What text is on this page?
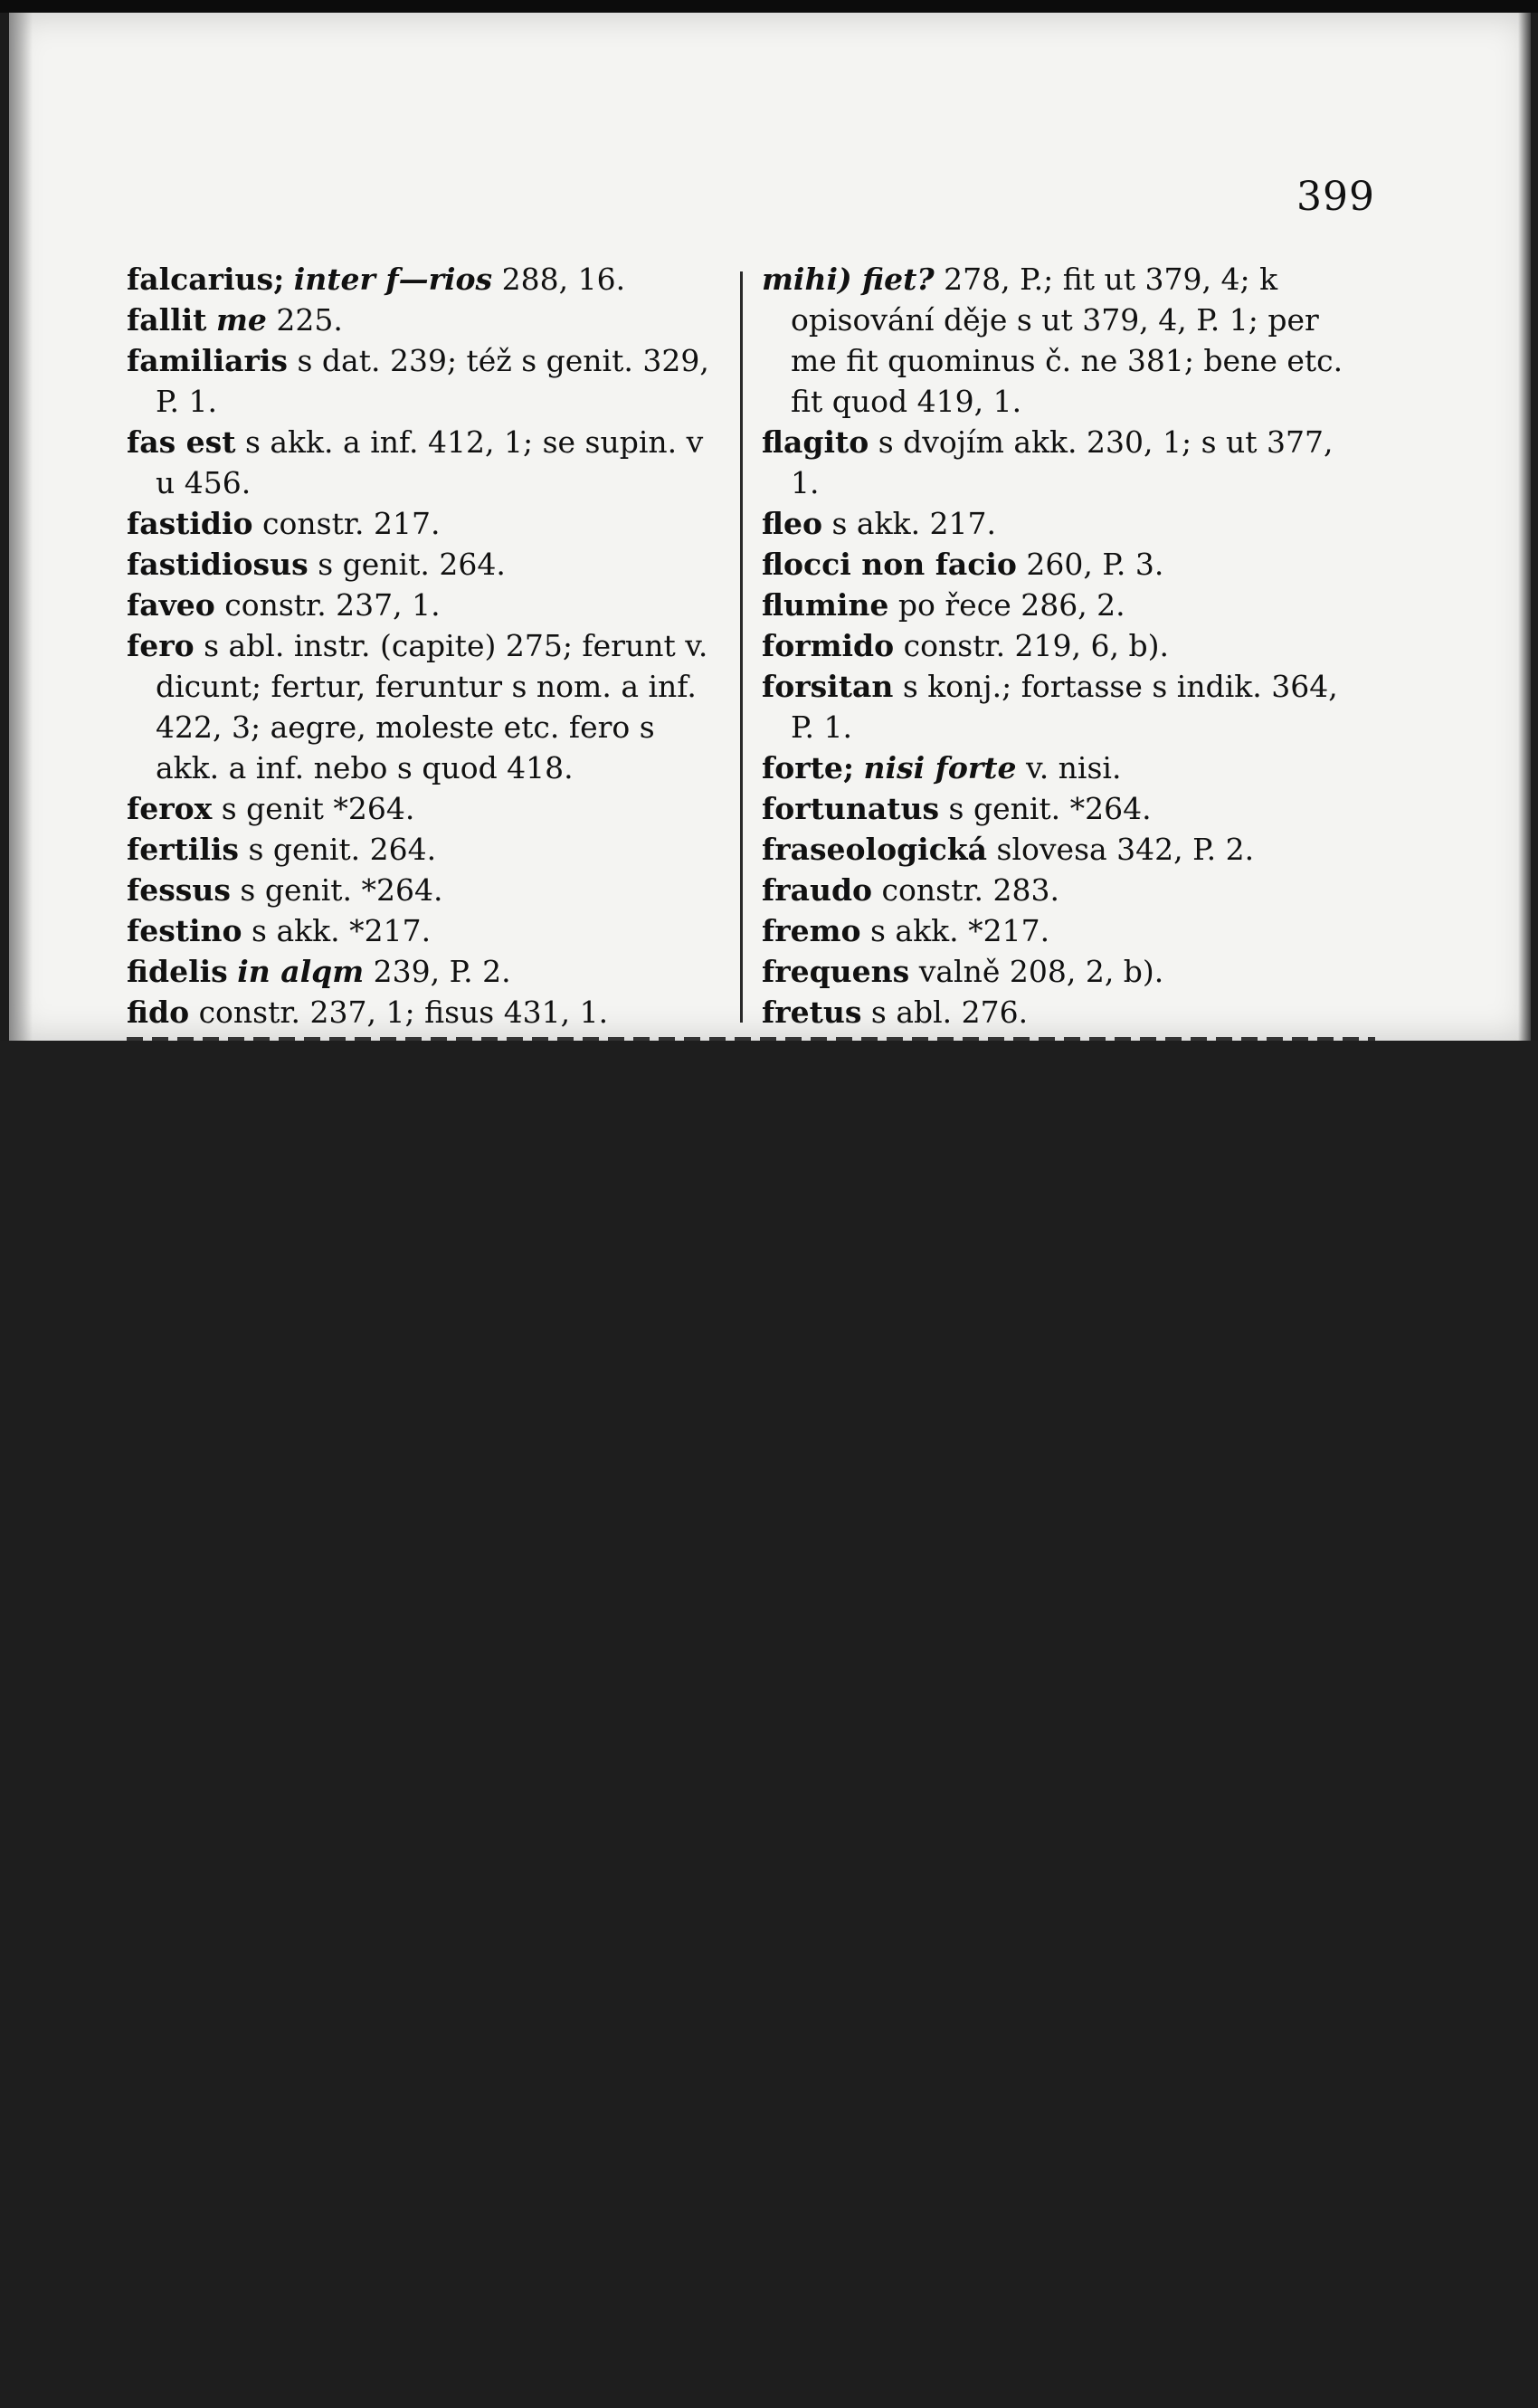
399

falcarius; inter f—rios 288, 16.

fallit me 225.

familiaris s dat. 239; též s genit. 329, P. 1.

fas est s akk. a inf. 412, 1; se supin. v u 456.

fastidio constr. 217.

fastidiosus s genit. 264.

faveo constr. 237, 1.

fero s abl. instr. (capite) 275; ferunt v. dicunt; fertur, feruntur s nom. a inf. 422, 3; aegre, moleste etc. fero s akk. a inf. nebo s quod 418.

ferox s genit *264.

fertilis s genit. 264.

fessus s genit. *264.

festino s akk. *217.

fidelis in alqm 239, P. 2.

fido constr. 237, 1; fisus 431, 1.

mihi) fiet? 278, P.; fit ut 379, 4; k opisování děje s ut 379, 4, P. 1; per me fit quominus č. ne 381; bene etc. fit quod 419, 1.

flagito s dvojím akk. 230, 1; s ut 377, 1.

fleo s akk. 217.

flocci non facio 260, P. 3.

flumine po řece 286, 2.

formido constr. 219, 6, b).

forsitan s konj.; fortasse s indik. 364, P. 1.

forte; nisi forte v. nisi.

fortunatus s genit. *264.

fraseologická slovesa 342, P. 2.

fraudo constr. 283.

fremo s akk. *217.

frequens valně 208, 2, b).

fretus s abl. 276.
